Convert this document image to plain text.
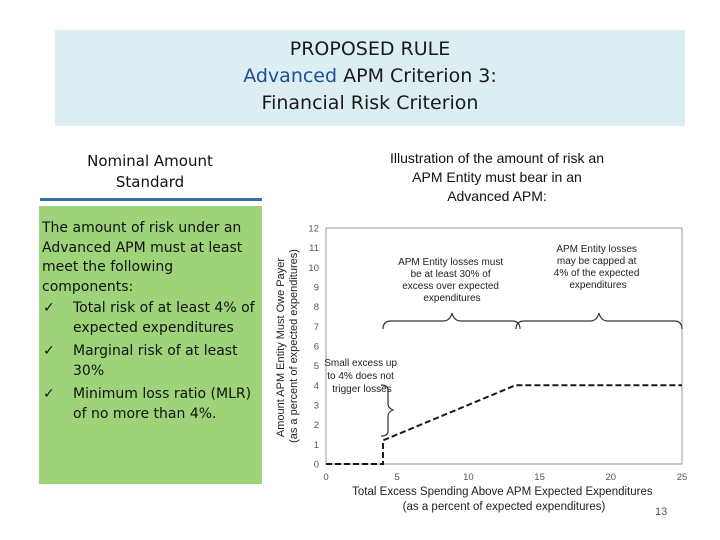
PROPOSED RULE
Advanced APM Criterion 3:
Financial Risk Criterion
Nominal Amount
Standard
The amount of risk under an Advanced APM must at least meet the following components:
✓ Total risk of at least 4% of expected expenditures
✓ Marginal risk of at least 30%
✓ Minimum loss ratio (MLR) of no more than 4%.
Illustration of the amount of risk an
APM Entity must bear in an
Advanced APM:
0
1
2
3
4
5
6
7
8
9
10
11
12
0	5	10	15	20	25
Small excess up to 4% does not trigger losses
APM Entity losses must be at least 30% of excess over expected expenditures
APM Entity losses may be capped at 4% of the expected expenditures
Total Excess Spending Above APM Expected Expenditures (as a percent of expected expenditures)
Amount APM Entity Must Owe Payer (as a percent of expected expenditures)
13
